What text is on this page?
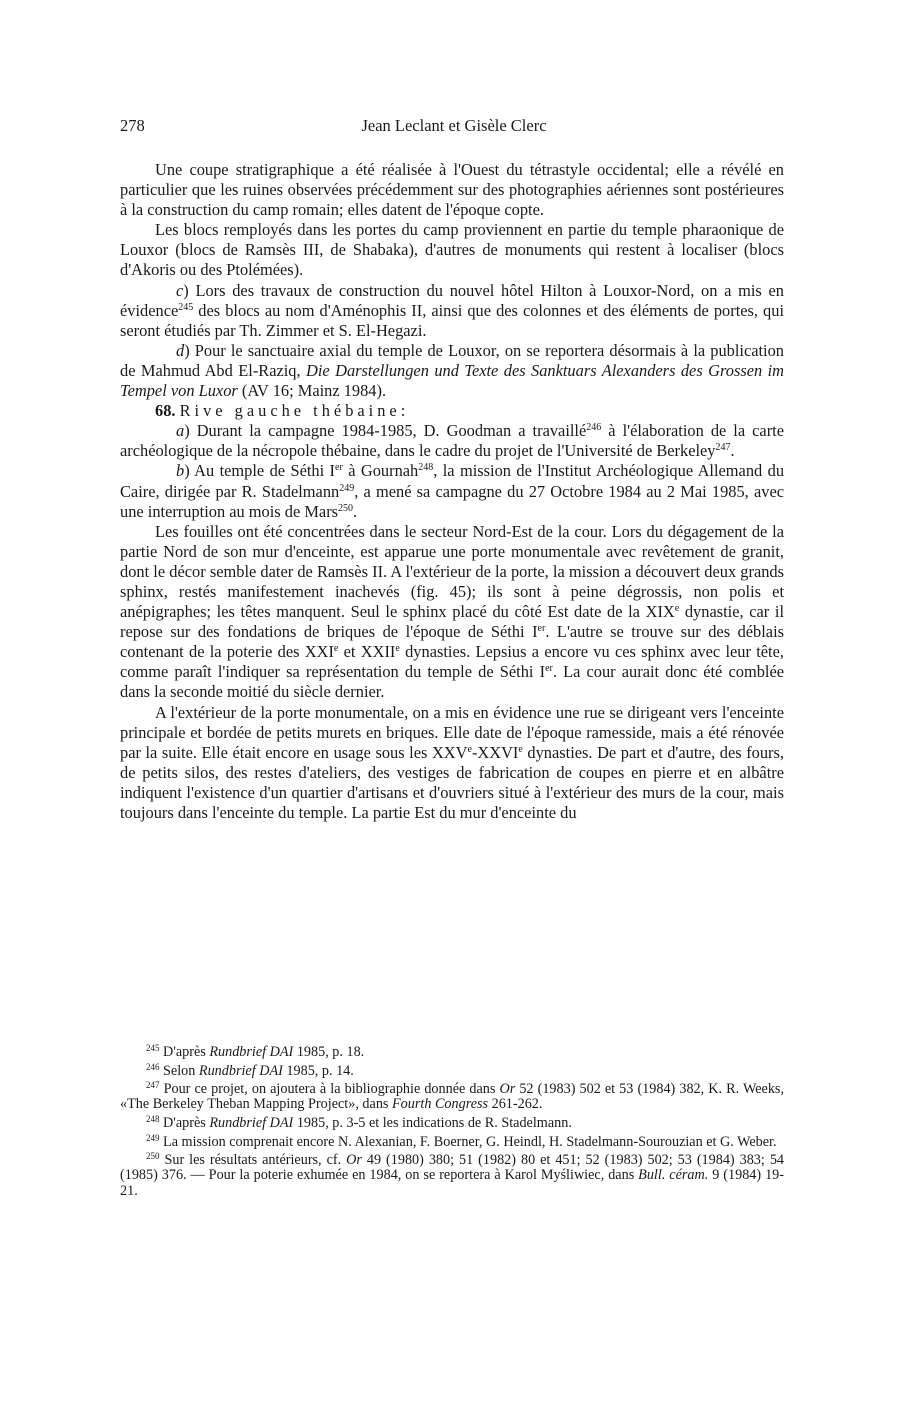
278	Jean Leclant et Gisèle Clerc

Une coupe stratigraphique a été réalisée à l'Ouest du tétrastyle occidental; elle a révélé en particulier que les ruines observées précédemment sur des photographies aériennes sont postérieures à la construction du camp romain; elles datent de l'époque copte.

Les blocs remployés dans les portes du camp proviennent en partie du temple pharaonique de Louxor (blocs de Ramsès III, de Shabaka), d'autres de monuments qui restent à localiser (blocs d'Akoris ou des Ptolémées).

c) Lors des travaux de construction du nouvel hôtel Hilton à Louxor-Nord, on a mis en évidence$^{245}$ des blocs au nom d'Aménophis II, ainsi que des colonnes et des éléments de portes, qui seront étudiés par Th. Zimmer et S. El-Hegazi.

d) Pour le sanctuaire axial du temple de Louxor, on se reportera désormais à la publication de Mahmud Abd El-Raziq, Die Darstellungen und Texte des Sanktuars Alexanders des Grossen im Tempel von Luxor (AV 16; Mainz 1984).

68. Rive gauche thébaine:

a) Durant la campagne 1984-1985, D. Goodman a travaillé$^{246}$ à l'élaboration de la carte archéologique de la nécropole thébaine, dans le cadre du projet de l'Université de Berkeley$^{247}$.

b) Au temple de Séthi Ier à Gournah$^{248}$, la mission de l'Institut Archéologique Allemand du Caire, dirigée par R. Stadelmann$^{249}$, a mené sa campagne du 27 Octobre 1984 au 2 Mai 1985, avec une interruption au mois de Mars$^{250}$.

Les fouilles ont été concentrées dans le secteur Nord-Est de la cour. Lors du dégagement de la partie Nord de son mur d'enceinte, est apparue une porte monumentale avec revêtement de granit, dont le décor semble dater de Ramsès II. A l'extérieur de la porte, la mission a découvert deux grands sphinx, restés manifestement inachevés (fig. 45); ils sont à peine dégrossis, non polis et anépigraphes; les têtes manquent. Seul le sphinx placé du côté Est date de la XIXe dynastie, car il repose sur des fondations de briques de l'époque de Séthi Ier. L'autre se trouve sur des déblais contenant de la poterie des XXIe et XXIIe dynasties. Lepsius a encore vu ces sphinx avec leur tête, comme paraît l'indiquer sa représentation du temple de Séthi Ier. La cour aurait donc été comblée dans la seconde moitié du siècle dernier.

A l'extérieur de la porte monumentale, on a mis en évidence une rue se dirigeant vers l'enceinte principale et bordée de petits murets en briques. Elle date de l'époque ramesside, mais a été rénovée par la suite. Elle était encore en usage sous les XXVe-XXVIe dynasties. De part et d'autre, des fours, de petits silos, des restes d'ateliers, des vestiges de fabrication de coupes en pierre et en albâtre indiquent l'existence d'un quartier d'artisans et d'ouvriers situé à l'extérieur des murs de la cour, mais toujours dans l'enceinte du temple. La partie Est du mur d'enceinte du

$^{245}$ D'après Rundbrief DAI 1985, p. 18.

$^{246}$ Selon Rundbrief DAI 1985, p. 14.

$^{247}$ Pour ce projet, on ajoutera à la bibliographie donnée dans Or 52 (1983) 502 et 53 (1984) 382, K. R. Weeks, «The Berkeley Theban Mapping Project», dans Fourth Congress 261-262.

$^{248}$ D'après Rundbrief DAI 1985, p. 3-5 et les indications de R. Stadelmann.

$^{249}$ La mission comprenait encore N. Alexanian, F. Boerner, G. Heindl, H. Stadelmann-Sourouzian et G. Weber.

$^{250}$ Sur les résultats antérieurs, cf. Or 49 (1980) 380; 51 (1982) 80 et 451; 52 (1983) 502; 53 (1984) 383; 54 (1985) 376. — Pour la poterie exhumée en 1984, on se reportera à Karol Myśliwiec, dans Bull. céram. 9 (1984) 19-21.
